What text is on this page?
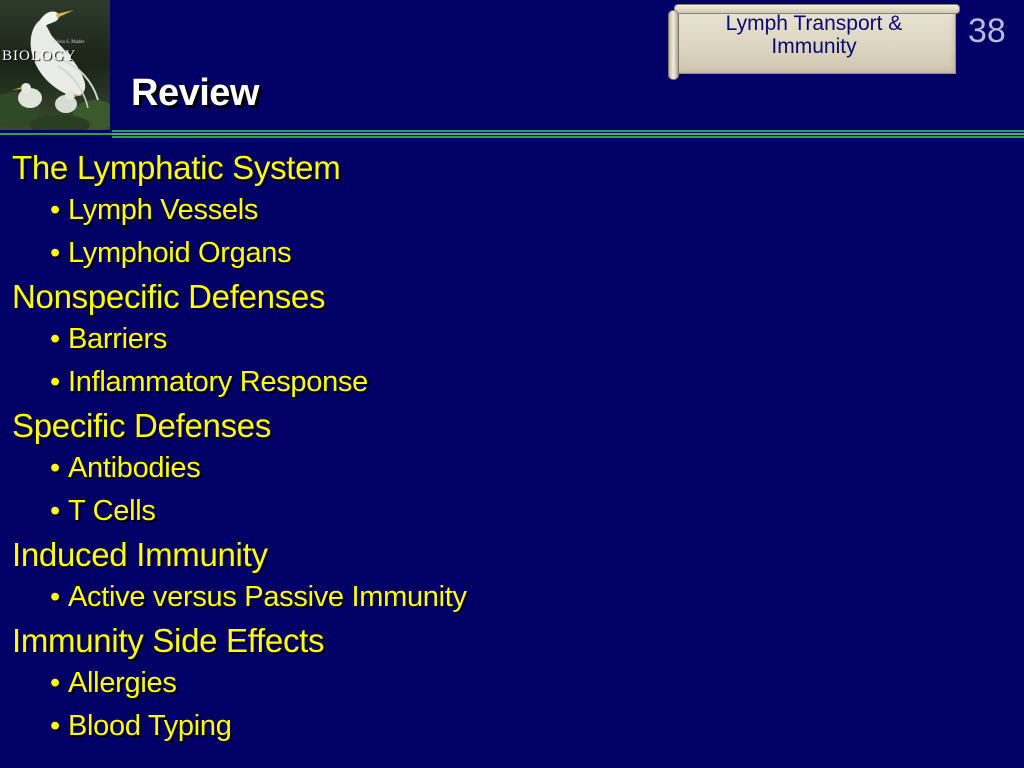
Sylvia S. Mader
BIOLOGY
Review
Lymph Transport &
Immunity	38
The Lymphatic System
• Lymph Vessels
• Lymphoid Organs
Nonspecific Defenses
• Barriers
• Inflammatory Response
Specific Defenses
• Antibodies
• T Cells
Induced Immunity
• Active versus Passive Immunity
Immunity Side Effects
• Allergies
• Blood Typing
